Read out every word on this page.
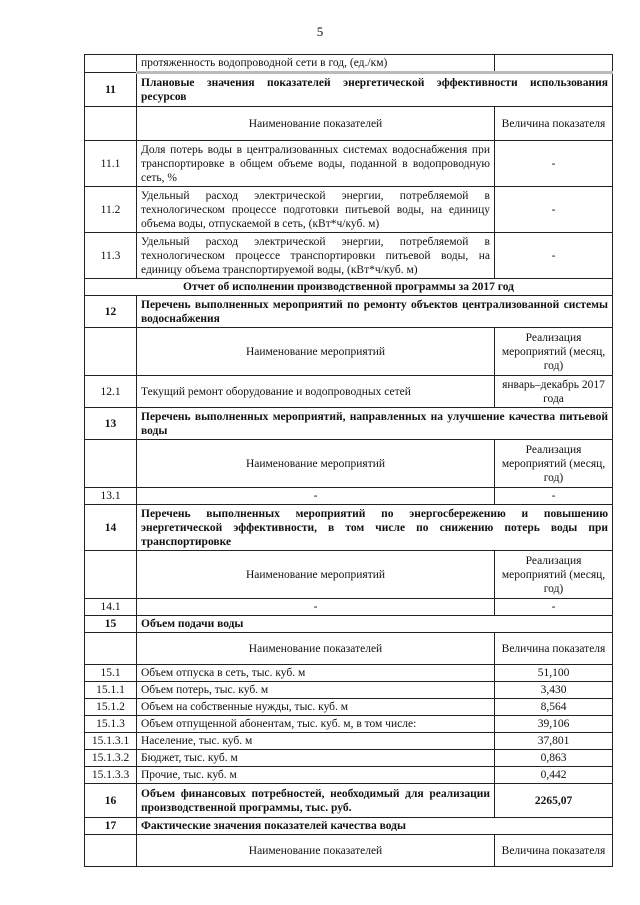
5
	протяженность водопроводной сети в год, (ед./км)	
11	Плановые значения показателей энергетической эффективности использования ресурсов	
	Наименование показателей	Величина показателя
11.1	Доля потерь воды в централизованных системах водоснабжения при транспортировке в общем объеме воды, поданной в водопроводную сеть, %	-
11.2	Удельный расход электрической энергии, потребляемой в технологическом процессе подготовки питьевой воды, на единицу объема воды, отпускаемой в сеть, (кВт*ч/куб. м)	-
11.3	Удельный расход электрической энергии, потребляемой в технологическом процессе транспортировки питьевой воды, на единицу объема транспортируемой воды, (кВт*ч/куб. м)	-
Отчет об исполнении производственной программы за 2017 год		
12	Перечень выполненных мероприятий по ремонту объектов централизованной системы водоснабжения	
	Наименование мероприятий	Реализация мероприятий (месяц, год)
12.1	Текущий ремонт оборудование и водопроводных сетей	январь–декабрь 2017 года
13	Перечень выполненных мероприятий, направленных на улучшение качества питьевой воды	
	Наименование мероприятий	Реализация мероприятий (месяц, год)
13.1	-	-
14	Перечень выполненных мероприятий по энергосбережению и повышению энергетической эффективности, в том числе по снижению потерь воды при транспортировке	
	Наименование мероприятий	Реализация мероприятий (месяц, год)
14.1	-	-
15	Объем подачи воды	
	Наименование показателей	Величина показателя
15.1	Объем отпуска в сеть, тыс. куб. м	51,100
15.1.1	Объем потерь, тыс. куб. м	3,430
15.1.2	Объем на собственные нужды, тыс. куб. м	8,564
15.1.3	Объем отпущенной абонентам, тыс. куб. м, в том числе:	39,106
15.1.3.1	Население, тыс. куб. м	37,801
15.1.3.2	Бюджет, тыс. куб. м	0,863
15.1.3.3	Прочие, тыс. куб. м	0,442
16	Объем финансовых потребностей, необходимый для реализации производственной программы, тыс. руб.	2265,07
17	Фактические значения показателей качества воды	
	Наименование показателей	Величина показателя
